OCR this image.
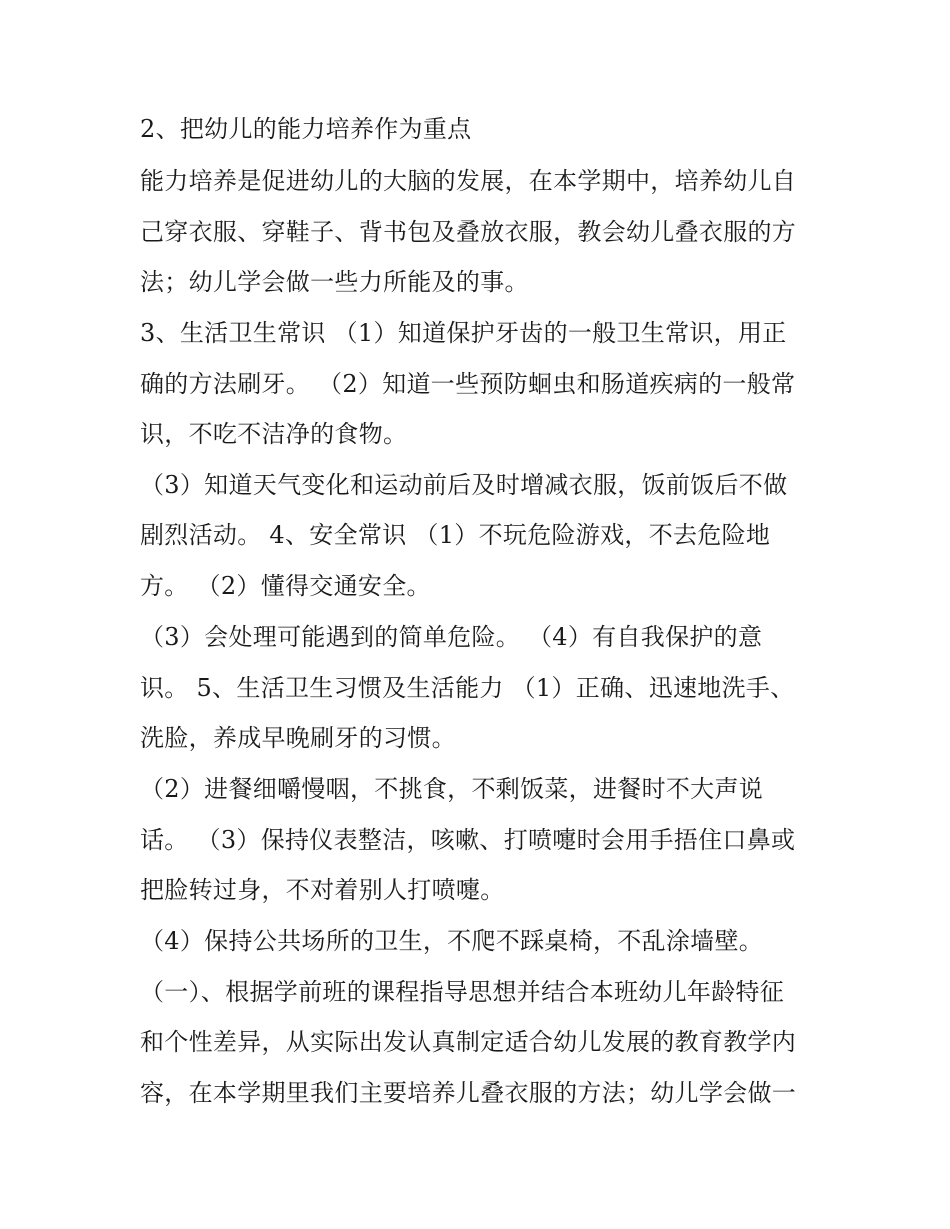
2、把幼儿的能力培养作为重点
能力培养是促进幼儿的大脑的发展，在本学期中，培养幼儿自
己穿衣服、穿鞋子、背书包及叠放衣服，教会幼儿叠衣服的方
法；幼儿学会做一些力所能及的事。
3、生活卫生常识 （1）知道保护牙齿的一般卫生常识，用正
确的方法刷牙。 （2）知道一些预防蛔虫和肠道疾病的一般常
识，不吃不洁净的食物。
（3）知道天气变化和运动前后及时增减衣服，饭前饭后不做
剧烈活动。 4、安全常识 （1）不玩危险游戏，不去危险地
方。 （2）懂得交通安全。
（3）会处理可能遇到的简单危险。 （4）有自我保护的意
识。 5、生活卫生习惯及生活能力 （1）正确、迅速地洗手、
洗脸，养成早晚刷牙的习惯。
（2）进餐细嚼慢咽，不挑食，不剩饭菜，进餐时不大声说
话。 （3）保持仪表整洁，咳嗽、打喷嚏时会用手捂住口鼻或
把脸转过身，不对着别人打喷嚏。
（4）保持公共场所的卫生，不爬不踩桌椅，不乱涂墙壁。
（一）、根据学前班的课程指导思想并结合本班幼儿年龄特征
和个性差异，从实际出发认真制定适合幼儿发展的教育教学内
容，在本学期里我们主要培养儿叠衣服的方法；幼儿学会做一
